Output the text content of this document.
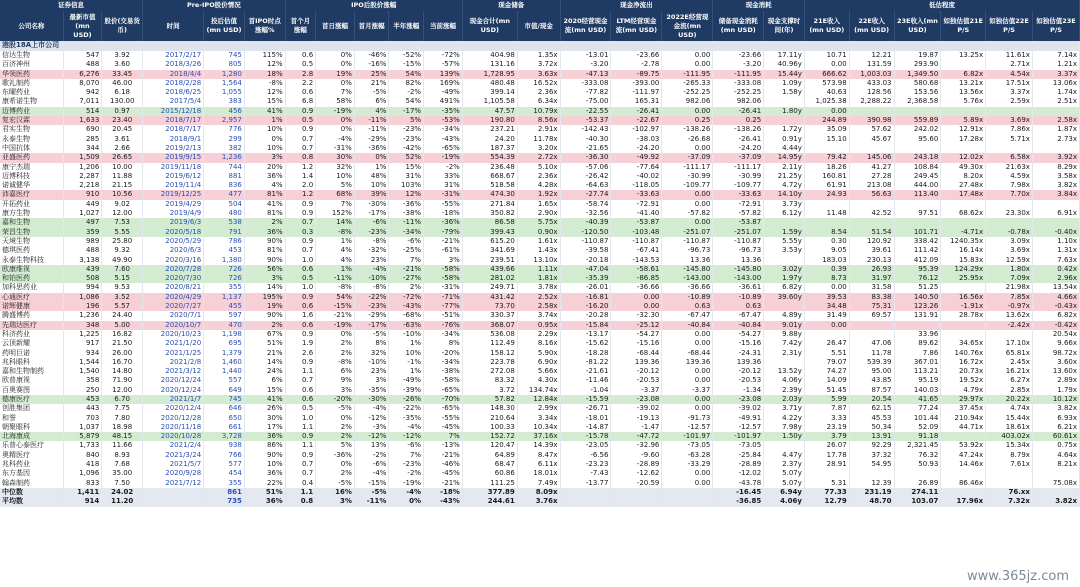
证券信息			Pre-IPO股价情况			IPO后股价涨幅					现金储备		现金净流出			现金消耗		低估程度					
公司名称	最新市值(mn USD)	股价(交易货币)	时间	投后估值(mn USD)	首IPO时点涨幅%	首个月涨幅	首日涨幅	首月涨幅	半年涨幅	当前涨幅	现金合计(mn USD)	市值/现金	2020经营现金流(mn USD)	LTM经营现金流(mn USD)	2022E经营现金流(mn USD)	储备现金消耗(mn USD)	现金支撑时间(年)	21E收入(mn USD)	22E收入(mn USD)	23E收入(mn USD)	如独估值21E P/S	如独估值22E P/S	如独估值23E P/S
港股18A上市公司																							
信达生物	547	3.92	2017/2/17	745	115%	0.6	0%	-46%	-52%	-72%	404.98	1.35x	-13.01	-23.66	0.00	-23.66	17.11y	10.71	12.21	19.87	13.25x	11.61x	7.14x
百济神州	488	3.60	2018/3/26	805	12%	0.5	0%	-16%	-15%	-57%	131.16	3.72x	-3.20	-2.78	0.00	-3.20	40.96y	0.00	131.59	293.90		2.71x	1.21x
华领医药	6,276	33.45	2018/4/4	1,280	18%	2.8	19%	25%	54%	139%	1,728.95	3.63x	-47.13	-89.75	-111.95	-111.95	15.44y	666.62	1,003.03	1,349.50	6.82x	4.54x	3.37x
歌礼制药	8,070	46.00	2018/2/28	1,564	-8%	2.2	0%	21%	82%	169%	480.48	16.52x	-333.08	-393.00	-265.33	-333.08	1.09y	573.98	433.03	580.68	13.21x	17.51x	13.06x
东曜药业	942	6.18	2018/6/25	1,055	12%	0.6	7%	-5%	-2%	-49%	399.14	2.36x	-77.82	-111.97	-252.25	-252.25	1.58y	40.63	128.56	153.56	13.56x	3.37x	1.74x
康希诺生物	7,011	130.00	2017/5/4	383	15%	6.8	58%	6%	54%	491%	1,105.58	6.34x	-75.00	165.31	982.06	982.06		1,025.38	2,288.22	2,368.58	5.76x	2.59x	2.51x
迈博药业	514	0.97	2015/12/18	456	41%	0.9	-19%	4%	-17%	-35%	47.57	10.79x	-22.55	-26.41	0.00	-26.41	1.80y	0.00					
复宏汉霖	1,633	23.40	2018/7/17	2,957	1%	0.5	0%	-11%	5%	-53%	190.80	8.56x	-53.37	-22.67	0.25	0.25		244.89	390.98	559.89	5.89x	3.69x	2.58x
君实生物	690	20.45	2018/7/17	776	10%	0.9	0%	-11%	-23%	-34%	237.21	2.91x	-142.43	-102.97	-138.26	-138.26	1.72y	35.09	57.62	242.02	12.91x	7.86x	1.87x
永泰生物	285	3.61	2018/9/1	299	0%	0.7	-4%	-29%	-23%	-43%	24.20	11.78x	-40.30	-38.03	-26.68	-26.41	0.91y	15.10	45.67	95.60	17.28x	5.71x	2.73x
中国抗体	344	2.66	2019/2/13	382	10%	0.7	-31%	-36%	-42%	-65%	187.37	3.20x	-21.65	-24.20	0.00	-24.20	4.44y						
亚盛医药	1,509	26.65	2019/9/15	1,236	3%	0.8	30%	0%	52%	-19%	554.39	2.72x	-36.30	-49.92	-37.09	-37.09	14.95y	79.42	145.06	243.18	12.02x	6.58x	3.92x
康宁杰瑞	1,206	10.00	2019/11/18	744	20%	1.2	32%	1%	15%	-2%	236.48	5.10x	-57.06	-77.64	-111.17	-111.17	2.11y	18.26	41.27	108.84	49.30x	21.63x	8.29x
迈博科技	2,287	11.88	2019/6/12	881	36%	1.4	10%	48%	31%	33%	668.67	2.36x	-26.42	-40.02	-30.99	-30.99	21.25y	160.81	27.28	249.45	8.20x	4.59x	3.58x
诺诚健华	2,218	21.15	2019/11/4	836	4%	2.0	5%	10%	103%	31%	518.58	4.28x	-64.63	-118.05	-109.77	-109.77	4.72y	61.91	213.08	444.00	27.48x	7.98x	3.82x
沛嘉医疗	910	10.56	2019/12/25	477	81%	1.2	68%	39%	12%	-31%	474.30	1.92x	-27.74	-33.63	0.00	-33.63	14.10y	24.93	56.63	113.40	17.48x	7.70x	3.84x
开拓药业	449	9.02	2019/4/29	504	41%	0.9	7%	-30%	-36%	-55%	271.84	1.65x	-58.74	-72.91	0.00	-72.91	3.73y						
康方生物	1,027	12.00	2019/4/9	480	81%	0.9	152%	-17%	-38%	-18%	350.82	2.90x	-32.56	-41.40	-57.82	-57.82	6.12y	11.48	42.52	97.51	68.62x	23.30x	6.91x
嘉和生物	497	7.53	2019/6/3	538	2%	0.7	14%	-6%	-11%	-36%	86.58	5.75x	-40.39	-53.87	0.00	-53.87							
荣昌生物	359	5.55	2020/5/18	791	36%	0.3	-8%	-23%	-34%	-79%	399.43	0.90x	-120.50	-103.48	-251.07	-251.07	1.59y	8.54	51.54	101.71	-4.71x	-0.78x	-0.40x
天境生物	989	25.80	2020/5/29	786	90%	0.9	1%	-8%	-6%	-21%	615.20	1.61x	-110.87	-110.87	-110.87	-110.87	5.55y	0.30	120.92	338.42	1240.35x	3.09x	1.10x
德琪医药	488	9.32	2020/6/3	453	81%	0.7	4%	-32%	-25%	-61%	341.69	1.43x	-39.58	-67.41	-96.73	-96.73	3.53y	9.05	39.61	111.42	16.14x	3.69x	1.31x
永泰生物科技	3,138	49.90	2020/3/16	1,380	90%	1.0	4%	23%	7%	3%	239.51	13.10x	-20.18	-143.53	13.36	13.36		183.03	230.13	412.09	15.83x	12.59x	7.63x
欧康维视	439	7.60	2020/7/28	726	56%	0.6	1%	-4%	-21%	-58%	439.66	1.11x	-47.04	-58.61	-145.80	-145.80	3.02y	0.39	26.93	95.39	124.29x	1.80x	0.42x
和铂医药	508	5.15	2020/7/30	726	3%	0.5	-11%	-10%	-27%	-58%	281.02	1.81x	-35.39	-86.85	-143.00	-143.00	1.97y	8.73	31.97	76.12	25.95x	7.09x	2.96x
加科思药业	994	9.53	2020/8/21	355	14%	1.0	-8%	-8%	2%	-31%	249.71	3.78x	-26.01	-36.66	-36.66	-36.61	6.82y	0.00	31.58	51.25		21.98x	13.54x
心通医疗	1,086	3.52	2020/4/29	1,137	195%	0.9	54%	-22%	-72%	-71%	431.42	2.52x	-16.81	0.00	-10.89	-10.89	39.60y	39.53	83.38	140.50	16.56x	7.85x	4.66x
诺辉健康	196	5.57	2020/7/27	455	19%	0.6	-15%	-23%	-43%	-77%	73.70	2.58x	-16.20	0.00	0.63	0.63		34.48	75.31	123.26	-1.91x	-0.97x	-0.43x
腾盛博药	1,236	24.40	2020/7/1	597	90%	1.6	-21%	-29%	-68%	-51%	330.37	3.74x	-20.28	-32.30	-67.47	-67.47	4.89y	31.49	69.57	131.91	28.78x	13.62x	6.82x
先瑞达医疗	348	5.00	2020/10/7	470	2%	0.6	-19%	-17%	-63%	-76%	368.07	0.95x	-15.84	-25.12	-40.84	-40.84	9.01y	0.00				-2.42x	-0.42x
科济药业	1,225	16.82	2020/10/23	1,198	67%	0.9	0%	-5%	-10%	-34%	536.08	2.29x	-13.17	-54.27	0.00	-54.27	9.88y			33.96			20.54x
云顶新耀	917	21.50	2021/1/20	695	51%	1.9	2%	8%	1%	8%	112.49	8.16x	-15.62	-15.16	0.00	-15.16	7.42y	26.47	47.06	89.62	34.65x	17.10x	9.66x
药明巨诺	934	26.00	2021/1/25	1,379	21%	2.6	2%	32%	10%	-20%	158.12	5.90x	-18.28	-68.44	-68.44	-24.31	2.31y	5.51	11.78	7.86	140.76x	65.81x	98.72x
兆科眼科	1,544	16.70	2021/2/8	1,460	14%	0.9	-8%	-10%	-1%	-34%	223.78	6.90x	-81.22	139.36	139.36	139.36		79.07	539.39	367.01	16.72x	2.45x	3.60x
嘉和生物制药	1,540	14.80	2021/3/12	1,440	24%	1.1	6%	23%	1%	-38%	272.08	5.66x	-21.61	-20.12	0.00	-20.12	13.52y	74.27	95.00	113.21	20.73x	16.21x	13.60x
欧普康视	358	71.90	2020/12/24	557	6%	0.7	9%	3%	-49%	-58%	83.32	4.30x	-11.46	-20.53	0.00	-20.53	4.06y	14.09	43.85	95.19	19.52x	6.27x	2.89x
百奥赛图	250	12.00	2020/12/24	649	15%	0.6	3%	-35%	-39%	-65%	3.72	134.74x	-1.04	-3.37	-3.37	-1.34	2.39y	51.45	87.57	140.03	4.79x	2.85x	1.79x
德康医疗	453	6.70	2021/1/7	745	41%	0.6	-20%	-30%	-26%	-70%	57.82	12.84x	-15.59	-23.08	0.00	-23.08	2.03y	5.99	20.54	41.65	29.97x	20.22x	10.12x
创胜集团	443	7.75	2020/12/4	646	26%	0.5	-5%	-4%	-22%	-65%	148.30	2.99x	-26.71	-39.02	0.00	-39.02	3.71y	7.87	62.15	77.24	37.45x	4.74x	3.82x
和誉	703	7.80	2020/12/28	650	30%	1.0	0%	-12%	-35%	-55%	210.64	3.34x	-18.01	-19.13	-91.73	-49.91	4.22y	3.33	45.53	101.44	210.94x	15.44x	6.93x
朝聚眼科	1,037	18.98	2020/11/18	661	17%	1.1	2%	-3%	-4%	-45%	100.33	10.34x	-14.87	-1.47	-12.57	-12.57	7.98y	23.19	50.34	52.09	44.71x	18.61x	6.21x
北海康成	5,879	48.15	2020/10/28	3,728	36%	0.9	2%	-12%	-12%	7%	152.72	37.16x	-15.78	-47.72	-101.97	-101.97	1.50y	3.79	13.91	91.18		403.02x	60.61x
乐普心泰医疗	1,733	11.66	2021/2/4	938	86%	1.1	5%	13%	-6%	-13%	120.47	14.39x	-23.05	-32.96	-73.05	-73.05		26.07	92.29	2,321.45	53.92x	15.34x	0.75x
奥精医疗	840	8.93	2021/3/24	766	90%	0.9	-36%	-2%	7%	-21%	64.89	8.47x	-6.56	-9.60	-63.28	-25.84	4.47y	17.78	37.32	76.32	47.24x	8.79x	4.64x
兆科药业	418	7.68	2021/5/7	577	10%	0.7	0%	-6%	-23%	-46%	68.47	6.11x	-23.23	-28.89	-33.29	-28.89	2.37y	28.91	54.95	50.93	14.46x	7.61x	8.21x
东方基因	1,096	35.00	2020/9/28	454	36%	0.7	2%	-4%	-2%	-45%	60.86	18.01x	-7.43	-12.62	0.00	-12.02	5.07y						
翰森制药	833	7.50	2021/7/12	355	22%	0.4	-5%	-15%	-19%	-21%	111.25	7.49x	-13.77	-20.59	0.00	-43.78	5.07y	5.31	12.39	26.89	86.46x		75.08x
中位数	1,411	24.02		861	51%	1.1	16%	-5%	-4%	-18%	377.89	8.09x				-16.45	6.94y	77.33	231.19	274.11		76.xx	
平均数	914	11.20		735	36%	0.8	3%	-11%	0%	-43%	244.61	3.76x				-36.85	4.06y	12.79	48.70	103.07	17.96x	7.32x	3.82x
www.365jz.com
